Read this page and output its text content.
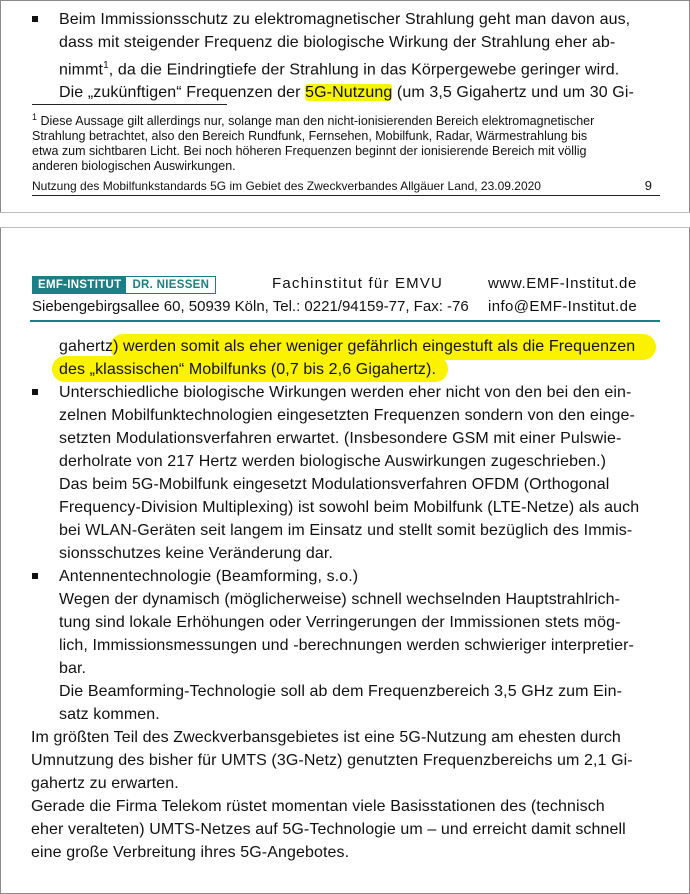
Beim Immissionsschutz zu elektromagnetischer Strahlung geht man davon aus,
dass mit steigender Frequenz die biologische Wirkung der Strahlung eher ab-
nimmt$^1$, da die Eindringtiefe der Strahlung in das Körpergewebe geringer wird.
Die „zukünftigen“ Frequenzen der 5G-Nutzung (um 3,5 Gigahertz und um 30 Gi-
$^1$ Diese Aussage gilt allerdings nur, solange man den nicht-ionisierenden Bereich elektromagnetischer
Strahlung betrachtet, also den Bereich Rundfunk, Fernsehen, Mobilfunk, Radar, Wärmestrahlung bis
etwa zum sichtbaren Licht. Bei noch höheren Frequenzen beginnt der ionisierende Bereich mit völlig
anderen biologischen Auswirkungen.
Nutzung des Mobilfunkstandards 5G im Gebiet des Zweckverbandes Allgäuer Land, 23.09.2020	9
EMF-INSTITUT DR. NIESSEN	Fachinstitut für EMVU	www.EMF-Institut.de
Siebengebirgsallee 60, 50939 Köln, Tel.: 0221/94159-77, Fax: -76 info@EMF-Institut.de
gahertz) werden somit als eher weniger gefährlich eingestuft als die Frequenzen
des „klassischen“ Mobilfunks (0,7 bis 2,6 Gigahertz).
Unterschiedliche biologische Wirkungen werden eher nicht von den bei den ein-
zelnen Mobilfunktechnologien eingesetzten Frequenzen sondern von den einge-
setzten Modulationsverfahren erwartet. (Insbesondere GSM mit einer Pulswie-
derholrate von 217 Hertz werden biologische Auswirkungen zugeschrieben.)
Das beim 5G-Mobilfunk eingesetzt Modulationsverfahren OFDM (Orthogonal
Frequency-Division Multiplexing) ist sowohl beim Mobilfunk (LTE-Netze) als auch
bei WLAN-Geräten seit langem im Einsatz und stellt somit bezüglich des Immis-
sionsschutzes keine Veränderung dar.
Antennentechnologie (Beamforming, s.o.)
Wegen der dynamisch (möglicherweise) schnell wechselnden Hauptstrahlrich-
tung sind lokale Erhöhungen oder Verringerungen der Immissionen stets mög-
lich, Immissionsmessungen und -berechnungen werden schwieriger interpretier-
bar.
Die Beamforming-Technologie soll ab dem Frequenzbereich 3,5 GHz zum Ein-
satz kommen.
Im größten Teil des Zweckverbansgebietes ist eine 5G-Nutzung am ehesten durch
Umnutzung des bisher für UMTS (3G-Netz) genutzten Frequenzbereichs um 2,1 Gi-
gahertz zu erwarten.
Gerade die Firma Telekom rüstet momentan viele Basisstationen des (technisch
eher veralteten) UMTS-Netzes auf 5G-Technologie um – und erreicht damit schnell
eine große Verbreitung ihres 5G-Angebotes.
